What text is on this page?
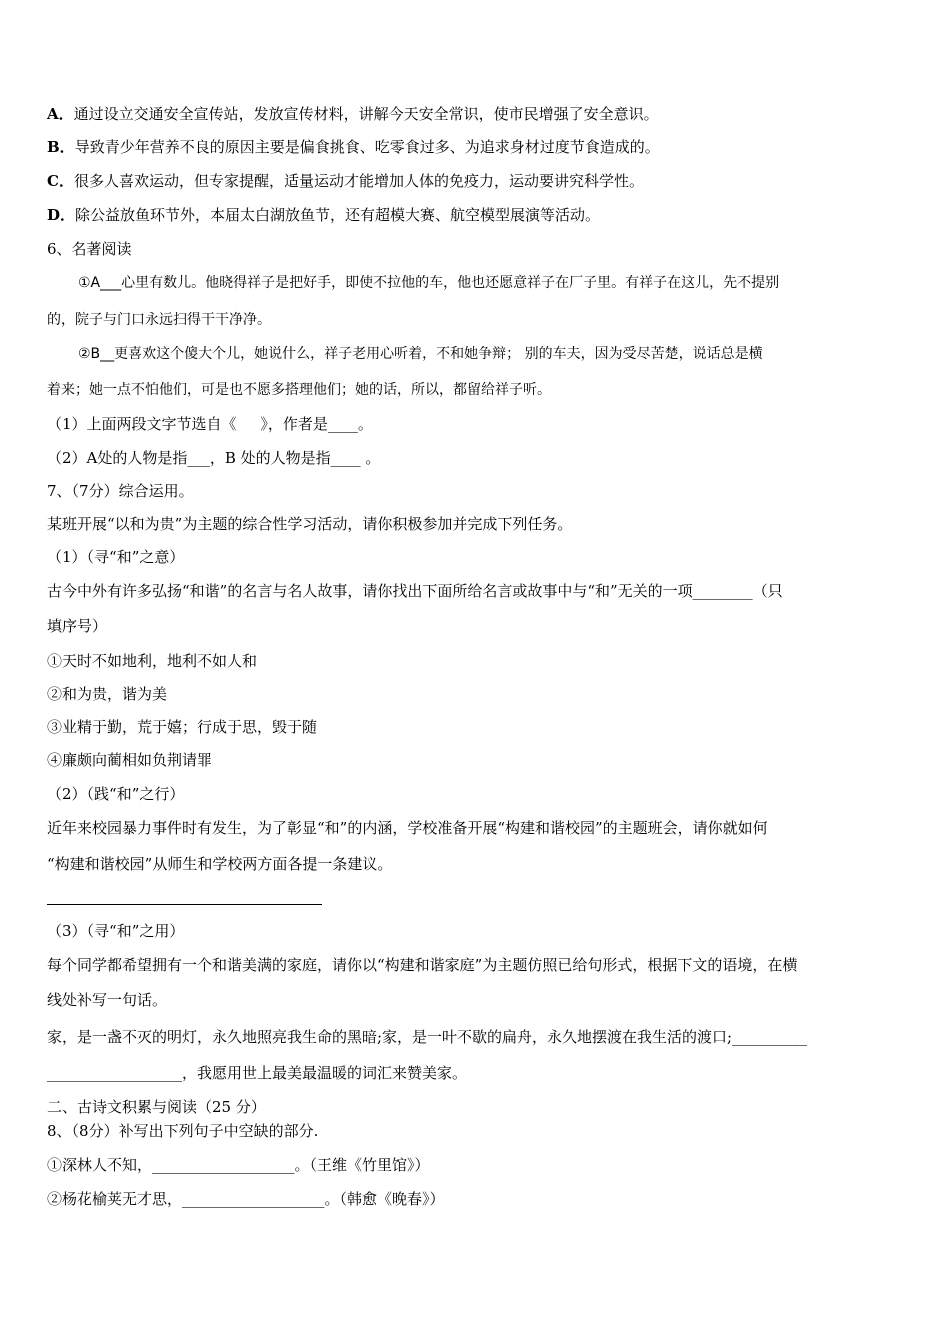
A．通过设立交通安全宣传站，发放宣传材料，讲解今天安全常识，使市民增强了安全意识。
B．导致青少年营养不良的原因主要是偏食挑食、吃零食过多、为追求身材过度节食造成的。
C．很多人喜欢运动，但专家提醒，适量运动才能增加人体的免疫力，运动要讲究科学性。
D．除公益放鱼环节外，本届太白湖放鱼节，还有超模大赛、航空模型展演等活动。
6、名著阅读
①A___心里有数儿。他晓得祥子是把好手，即使不拉他的车，他也还愿意祥子在厂子里。有祥子在这儿，先不提别
的，院子与门口永远扫得干干净净。
②B__更喜欢这个傻大个儿，她说什么，祥子老用心听着，不和她争辩； 别的车夫，因为受尽苦楚，说话总是横
着来；她一点不怕他们，可是也不愿多搭理他们；她的话，所以，都留给祥子听。
（1）上面两段文字节选自《     》，作者是____。
（2）A处的人物是指___，B 处的人物是指____ 。
7、（7分）综合运用。
某班开展“以和为贵”为主题的综合性学习活动，请你积极参加并完成下列任务。
（1）（寻“和”之意）
古今中外有许多弘扬“和谐”的名言与名人故事，请你找出下面所给名言或故事中与“和”无关的一项________（只
填序号）
①天时不如地利，地利不如人和
②和为贵，谐为美
③业精于勤，荒于嬉；行成于思，毁于随
④廉颇向蔺相如负荆请罪
（2）（践“和”之行）
近年来校园暴力事件时有发生，为了彰显“和”的内涵，学校准备开展“构建和谐校园”的主题班会，请你就如何
“构建和谐校园”从师生和学校两方面各提一条建议。
（3）（寻“和”之用）
每个同学都希望拥有一个和谐美满的家庭，请你以“构建和谐家庭”为主题仿照已给句形式，根据下文的语境，在横
线处补写一句话。
家，是一盏不灭的明灯，永久地照亮我生命的黑暗;家，是一叶不歇的扁舟，永久地摆渡在我生活的渡口;__________
__________________，我愿用世上最美最温暖的词汇来赞美家。
二、古诗文积累与阅读（25 分）
8、（8分）补写出下列句子中空缺的部分.
①深林人不知，___________________。（王维《竹里馆》）
②杨花榆荚无才思，___________________。（韩愈《晚春》）
